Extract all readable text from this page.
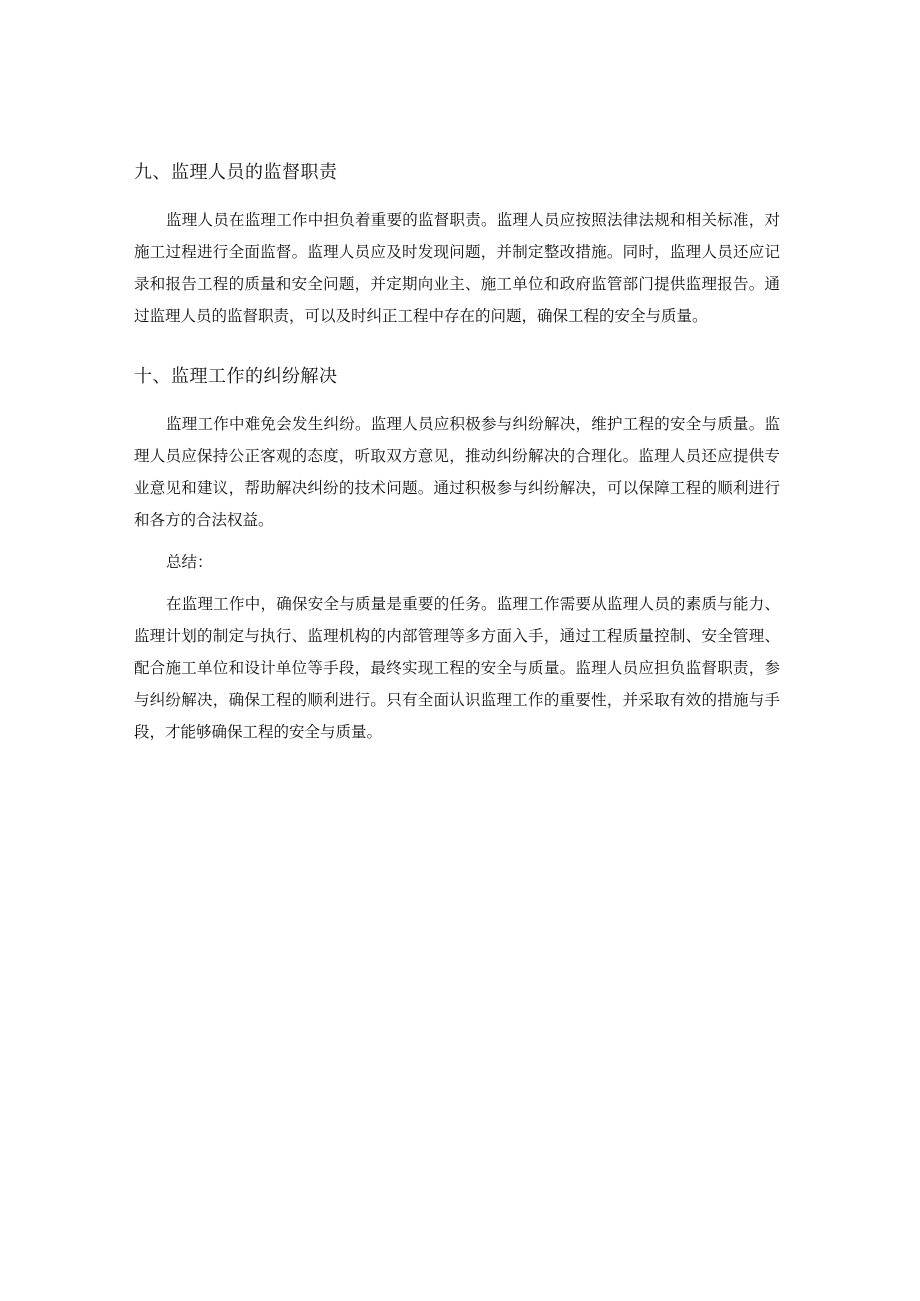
九、监理人员的监督职责

监理人员在监理工作中担负着重要的监督职责。监理人员应按照法律法规和相关标准，对施工过程进行全面监督。监理人员应及时发现问题，并制定整改措施。同时，监理人员还应记录和报告工程的质量和安全问题，并定期向业主、施工单位和政府监管部门提供监理报告。通过监理人员的监督职责，可以及时纠正工程中存在的问题，确保工程的安全与质量。

十、监理工作的纠纷解决

监理工作中难免会发生纠纷。监理人员应积极参与纠纷解决，维护工程的安全与质量。监理人员应保持公正客观的态度，听取双方意见，推动纠纷解决的合理化。监理人员还应提供专业意见和建议，帮助解决纠纷的技术问题。通过积极参与纠纷解决，可以保障工程的顺利进行和各方的合法权益。

总结：

在监理工作中，确保安全与质量是重要的任务。监理工作需要从监理人员的素质与能力、监理计划的制定与执行、监理机构的内部管理等多方面入手，通过工程质量控制、安全管理、配合施工单位和设计单位等手段，最终实现工程的安全与质量。监理人员应担负监督职责，参与纠纷解决，确保工程的顺利进行。只有全面认识监理工作的重要性，并采取有效的措施与手段，才能够确保工程的安全与质量。
